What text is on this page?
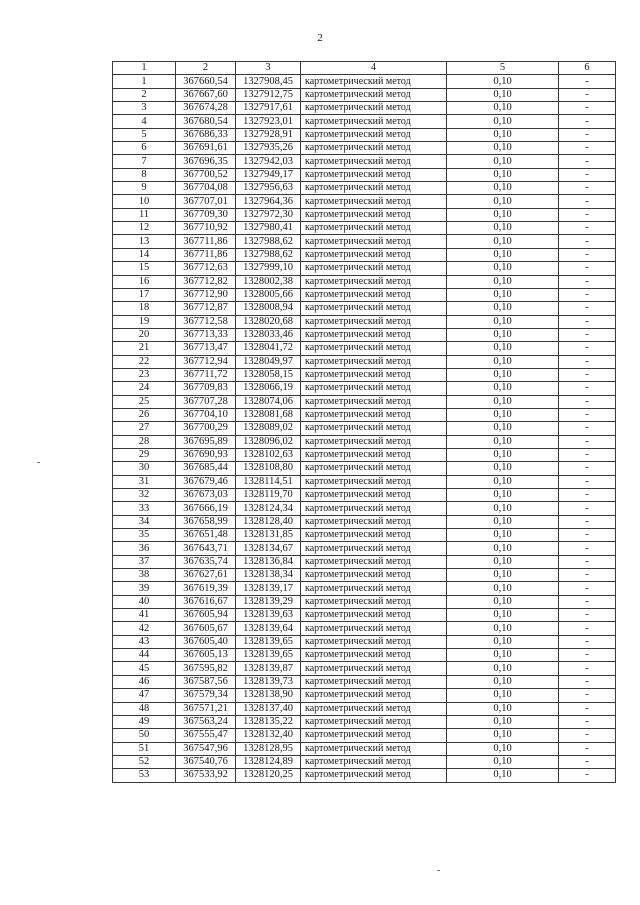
2
1	2	3	4	5	6
1	367660,54	1327908,45	картометрический метод	0,10	-
2	367667,60	1327912,75	картометрический метод	0,10	-
3	367674,28	1327917,61	картометрический метод	0,10	-
4	367680,54	1327923,01	картометрический метод	0,10	-
5	367686,33	1327928,91	картометрический метод	0,10	-
6	367691,61	1327935,26	картометрический метод	0,10	-
7	367696,35	1327942,03	картометрический метод	0,10	-
8	367700,52	1327949,17	картометрический метод	0,10	-
9	367704,08	1327956,63	картометрический метод	0,10	-
10	367707,01	1327964,36	картометрический метод	0,10	-
11	367709,30	1327972,30	картометрический метод	0,10	-
12	367710,92	1327980,41	картометрический метод	0,10	-
13	367711,86	1327988,62	картометрический метод	0,10	-
14	367711,86	1327988,62	картометрический метод	0,10	-
15	367712,63	1327999,10	картометрический метод	0,10	-
16	367712,82	1328002,38	картометрический метод	0,10	-
17	367712,90	1328005,66	картометрический метод	0,10	-
18	367712,87	1328008,94	картометрический метод	0,10	-
19	367712,58	1328020,68	картометрический метод	0,10	-
20	367713,33	1328033,46	картометрический метод	0,10	-
21	367713,47	1328041,72	картометрический метод	0,10	-
22	367712,94	1328049,97	картометрический метод	0,10	-
23	367711,72	1328058,15	картометрический метод	0,10	-
24	367709,83	1328066,19	картометрический метод	0,10	-
25	367707,28	1328074,06	картометрический метод	0,10	-
26	367704,10	1328081,68	картометрический метод	0,10	-
27	367700,29	1328089,02	картометрический метод	0,10	-
28	367695,89	1328096,02	картометрический метод	0,10	-
29	367690,93	1328102,63	картометрический метод	0,10	-
30	367685,44	1328108,80	картометрический метод	0,10	-
31	367679,46	1328114,51	картометрический метод	0,10	-
32	367673,03	1328119,70	картометрический метод	0,10	-
33	367666,19	1328124,34	картометрический метод	0,10	-
34	367658,99	1328128,40	картометрический метод	0,10	-
35	367651,48	1328131,85	картометрический метод	0,10	-
36	367643,71	1328134,67	картометрический метод	0,10	-
37	367635,74	1328136,84	картометрический метод	0,10	-
38	367627,61	1328138,34	картометрический метод	0,10	-
39	367619,39	1328139,17	картометрический метод	0,10	-
40	367616,67	1328139,29	картометрический метод	0,10	-
41	367605,94	1328139,63	картометрический метод	0,10	-
42	367605,67	1328139,64	картометрический метод	0,10	-
43	367605,40	1328139,65	картометрический метод	0,10	-
44	367605,13	1328139,65	картометрический метод	0,10	-
45	367595,82	1328139,87	картометрический метод	0,10	-
46	367587,56	1328139,73	картометрический метод	0,10	-
47	367579,34	1328138,90	картометрический метод	0,10	-
48	367571,21	1328137,40	картометрический метод	0,10	-
49	367563,24	1328135,22	картометрический метод	0,10	-
50	367555,47	1328132,40	картометрический метод	0,10	-
51	367547,96	1328128,95	картометрический метод	0,10	-
52	367540,76	1328124,89	картометрический метод	0,10	-
53	367533,92	1328120,25	картометрический метод	0,10	-
